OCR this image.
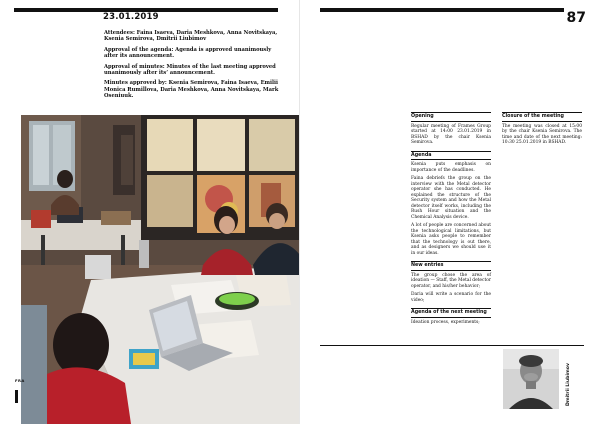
23.01.2019

Attendees: Faina Isaeva, Daria Meshkova, Anna Novitskaya, Ksenia Semirova, Dmitrii Liubimov

Approval of the agenda: Agenda is approved unanimously after its announcement.

Approval of minutes: Minutes of the last meeting approved unanimously after its’ announcement.

Minutes approved by: Ksenia Semirova, Faina Isaeva, Emilii Monica Rumillova, Daria Meshkova, Anna Novitskaya, Mark Oseniuuk.

FRA
87
Opening

Regular meeting of Frames Group started at 14:00 23.01.2019 in BSHAD by the chair Ksenia Semirova.

Agenda

Ksenia puts emphasis on importance of the deadlines.

Faina debriefs the group on the interview with the Metal detector operator she has conducted. He explained the structure of the Security system and how the Metal detector itself works, including the Rush Hour situation and the Chemical Analysis device.

A lot of people are concerned about the technological limitations, but Ksenia asks people to remember that the technology is out there, and as designers we should use it in our ideas.

New entries

The group chose the area of ideation — Staff, the Metal detector operator, and his/her behavior;

Daria will write a scenario for the video;

Agenda of the next meeting

Ideation process, experiments;

Closure of the meeting

The meeting was closed at 15:00 by the chair Ksenia Semirova. The time and date of the next meeting: 10:30 25.01.2019 in BSHAD.

Dmitrii Liubimov
